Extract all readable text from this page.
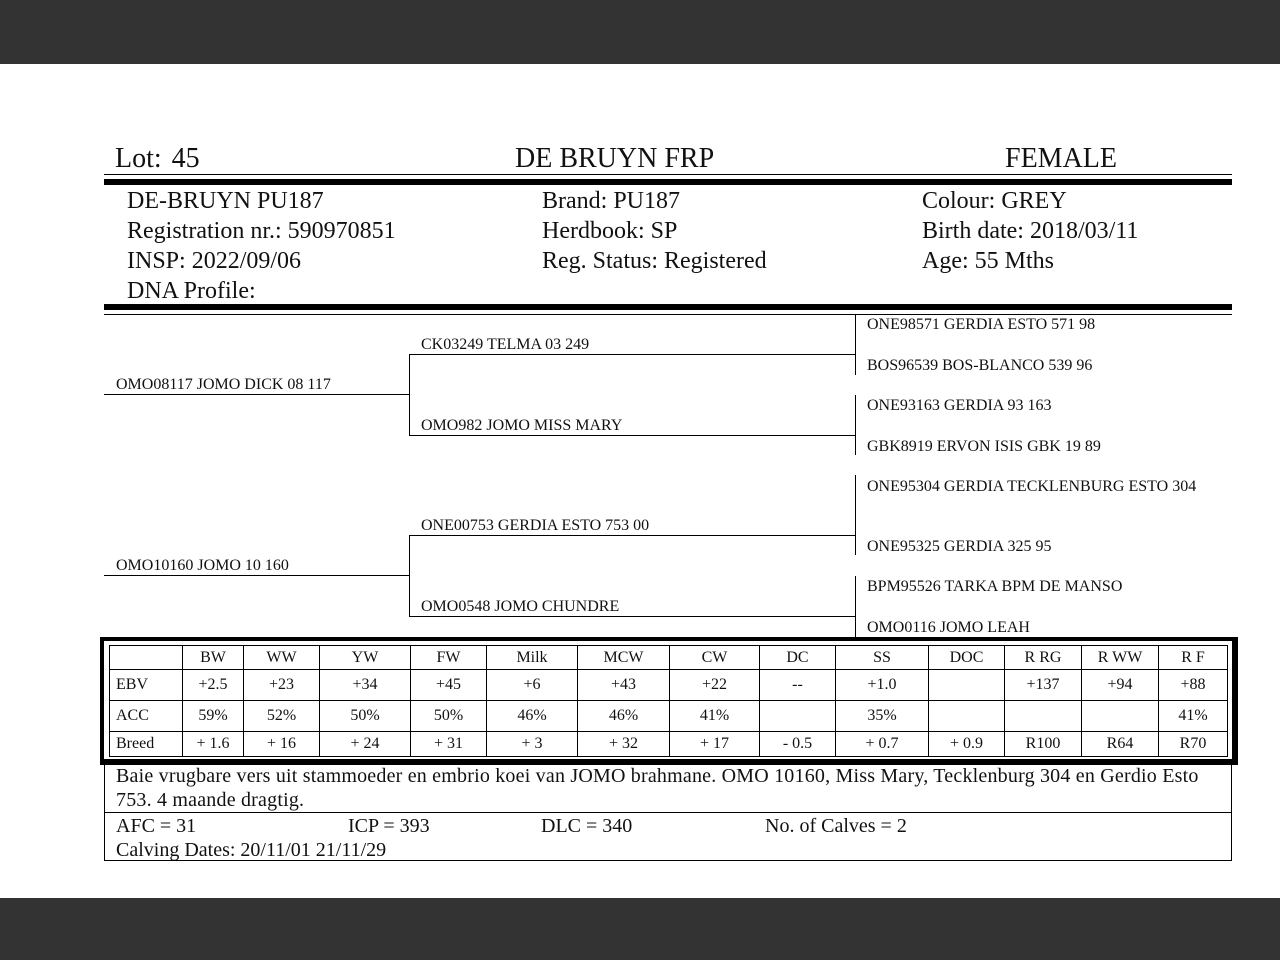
Lot: 45	DE BRUYN FRP	FEMALE
DE-BRUYN PU187
Registration nr.: 590970851
INSP: 2022/09/06
DNA Profile:
Brand: PU187
Herdbook: SP
Reg. Status: Registered
Colour: GREY
Birth date: 2018/03/11
Age: 55 Mths
OMO08117 JOMO DICK 08 117
OMO10160 JOMO 10 160
CK03249 TELMA 03 249
OMO982 JOMO MISS MARY
ONE00753 GERDIA ESTO 753 00
OMO0548 JOMO CHUNDRE
ONE98571 GERDIA ESTO 571 98
BOS96539 BOS-BLANCO 539 96
ONE93163 GERDIA 93 163
GBK8919 ERVON ISIS GBK 19 89
ONE95304 GERDIA TECKLENBURG ESTO 304
ONE95325 GERDIA 325 95
BPM95526 TARKA BPM DE MANSO
OMO0116 JOMO LEAH
	BW	WW	YW	FW	Milk	MCW	CW	DC	SS	DOC	R RG	R WW	R F
EBV	+2.5	+23	+34	+45	+6	+43	+22	--	+1.0		+137	+94	+88
ACC	59%	52%	50%	50%	46%	46%	41%		35%				41%
Breed	+ 1.6	+ 16	+ 24	+ 31	+ 3	+ 32	+ 17	- 0.5	+ 0.7	+ 0.9	R100	R64	R70
Baie vrugbare vers uit stammoeder en embrio koei van JOMO brahmane. OMO 10160, Miss Mary, Tecklenburg 304 en Gerdio Esto 753. 4 maande dragtig.
AFC = 31	ICP = 393	DLC = 340	No. of Calves = 2
Calving Dates: 20/11/01 21/11/29
